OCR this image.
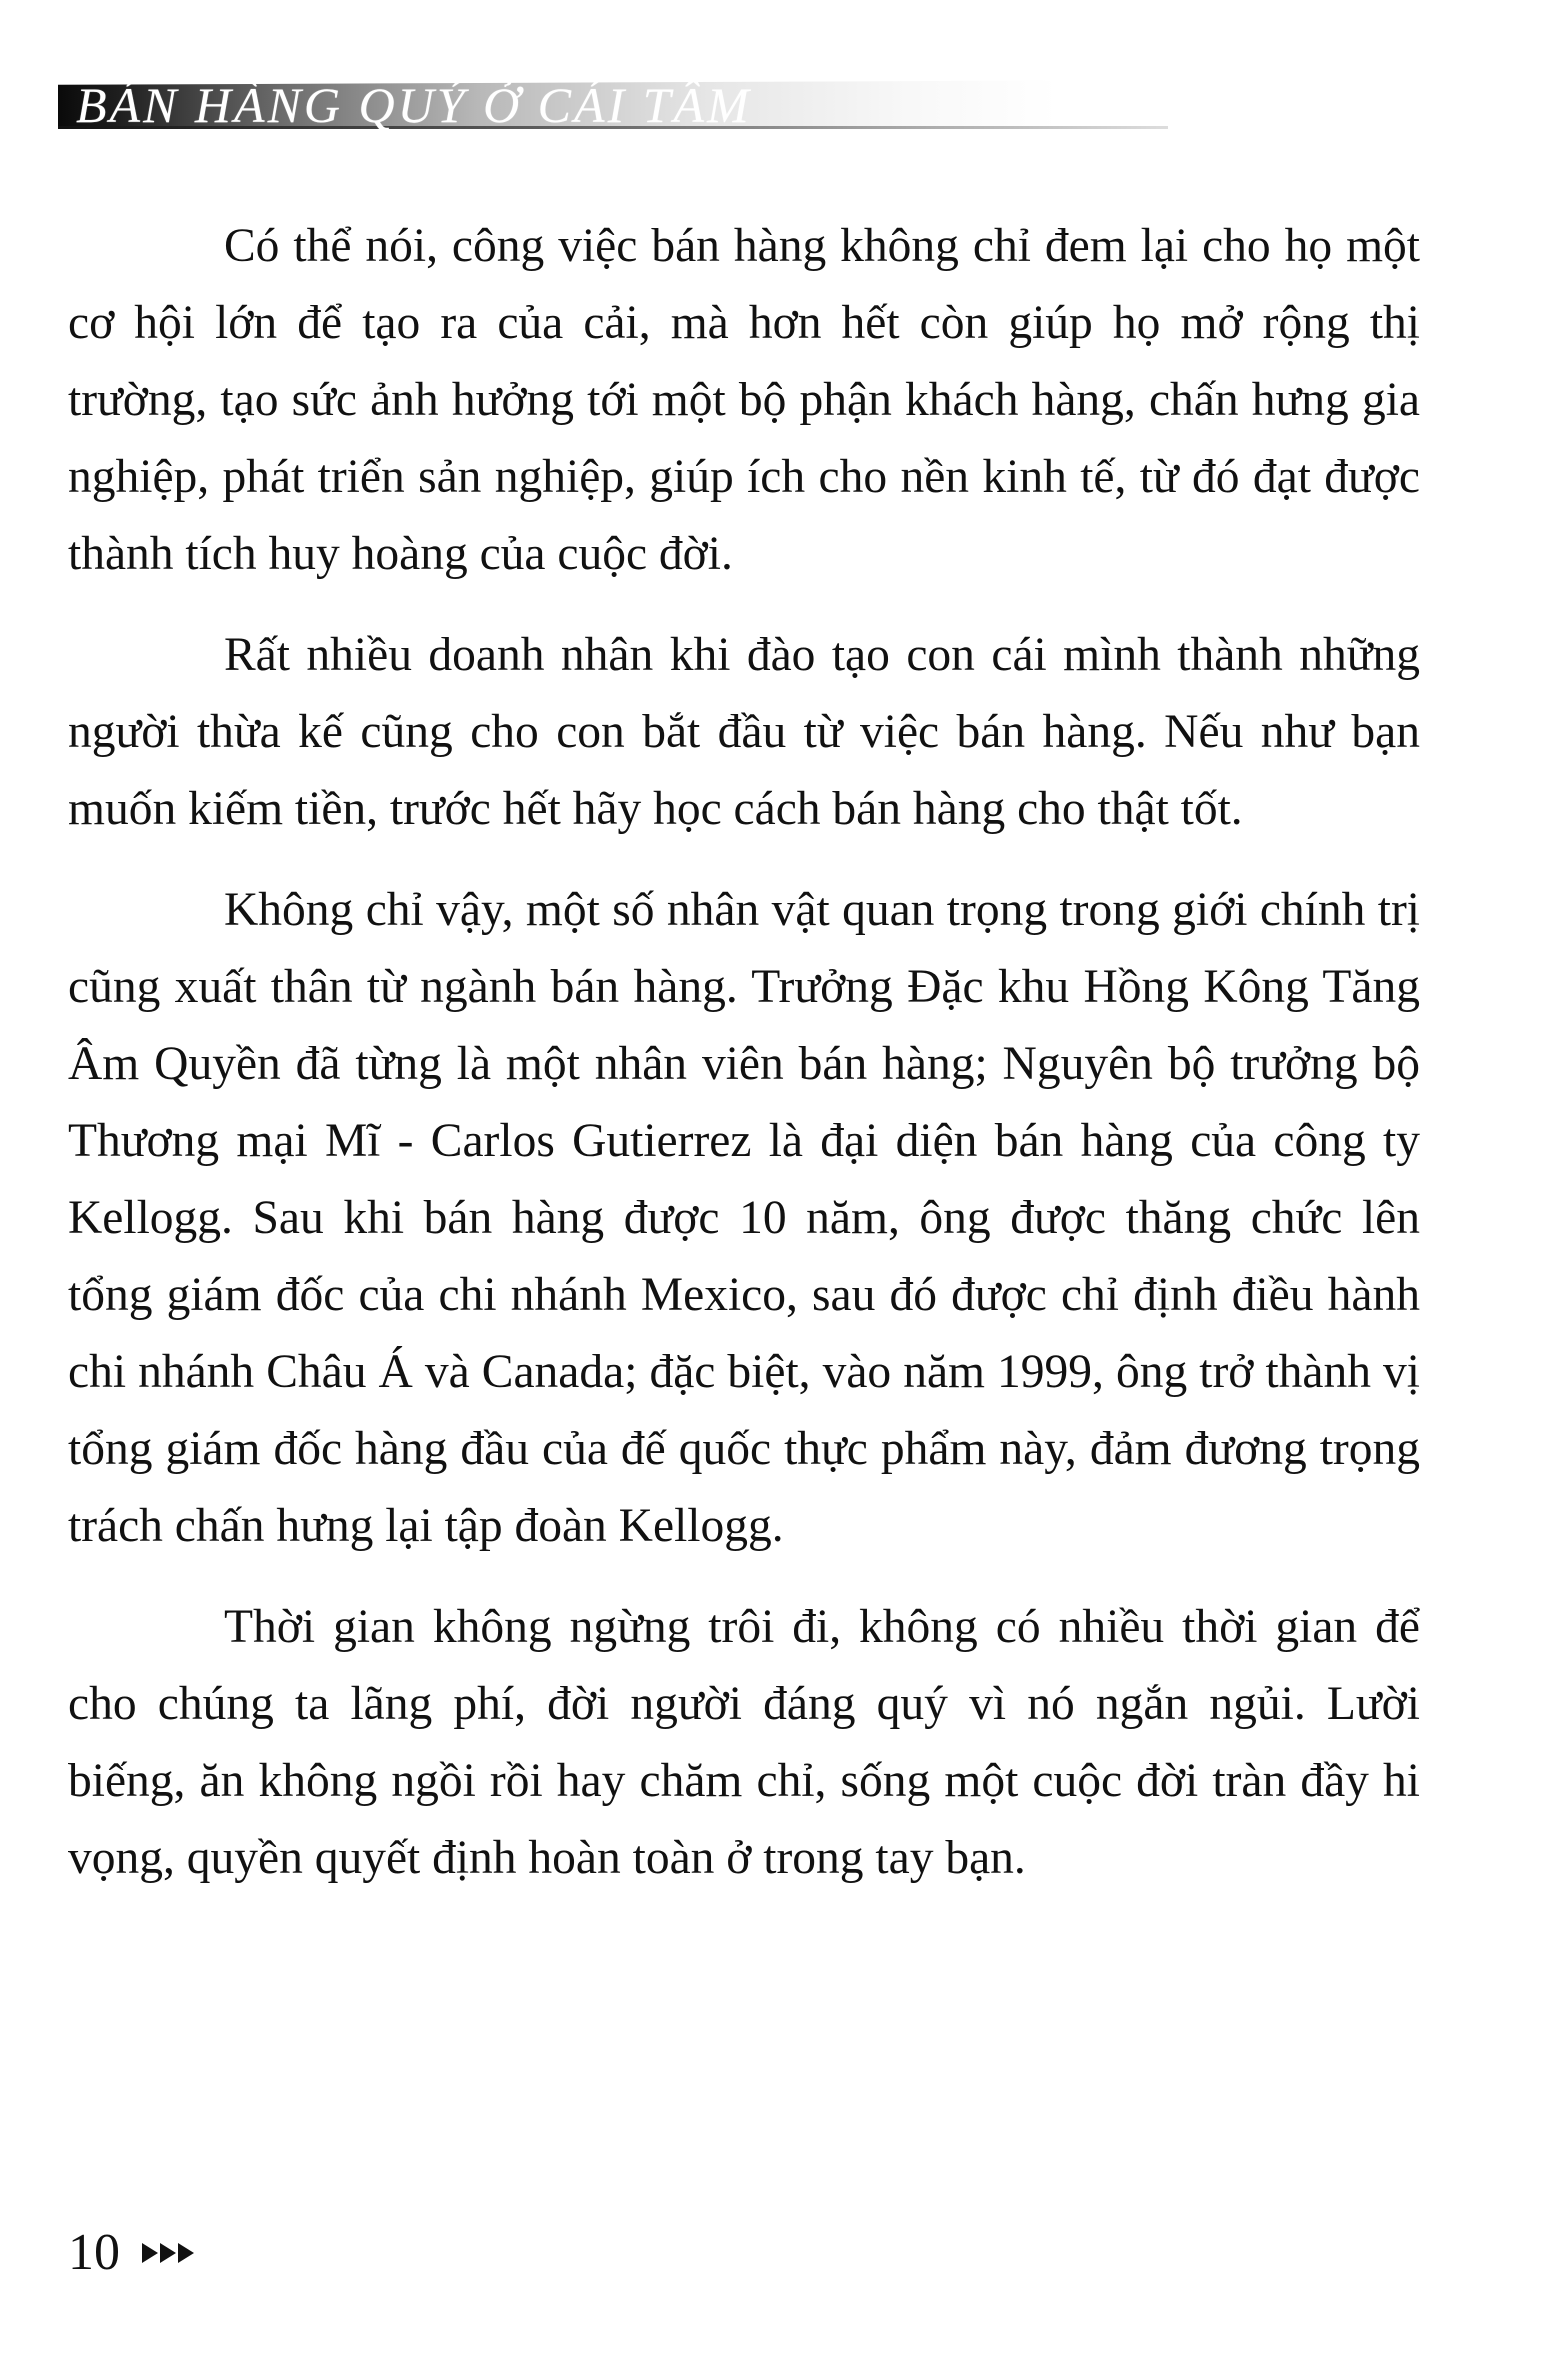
BÁN HÀNG QUÝ Ở CÁI TÂM

Có thể nói, công việc bán hàng không chỉ đem lại cho họ một cơ hội lớn để tạo ra của cải, mà hơn hết còn giúp họ mở rộng thị trường, tạo sức ảnh hưởng tới một bộ phận khách hàng, chấn hưng gia nghiệp, phát triển sản nghiệp, giúp ích cho nền kinh tế, từ đó đạt được thành tích huy hoàng của cuộc đời.

Rất nhiều doanh nhân khi đào tạo con cái mình thành những người thừa kế cũng cho con bắt đầu từ việc bán hàng. Nếu như bạn muốn kiếm tiền, trước hết hãy học cách bán hàng cho thật tốt.

Không chỉ vậy, một số nhân vật quan trọng trong giới chính trị cũng xuất thân từ ngành bán hàng. Trưởng Đặc khu Hồng Kông Tăng Âm Quyền đã từng là một nhân viên bán hàng; Nguyên bộ trưởng bộ Thương mại Mĩ - Carlos Gutierrez là đại diện bán hàng của công ty Kellogg. Sau khi bán hàng được 10 năm, ông được thăng chức lên tổng giám đốc của chi nhánh Mexico, sau đó được chỉ định điều hành chi nhánh Châu Á và Canada; đặc biệt, vào năm 1999, ông trở thành vị tổng giám đốc hàng đầu của đế quốc thực phẩm này, đảm đương trọng trách chấn hưng lại tập đoàn Kellogg.

Thời gian không ngừng trôi đi, không có nhiều thời gian để cho chúng ta lãng phí, đời người đáng quý vì nó ngắn ngủi. Lười biếng, ăn không ngồi rồi hay chăm chỉ, sống một cuộc đời tràn đầy hi vọng, quyền quyết định hoàn toàn ở trong tay bạn.

10
